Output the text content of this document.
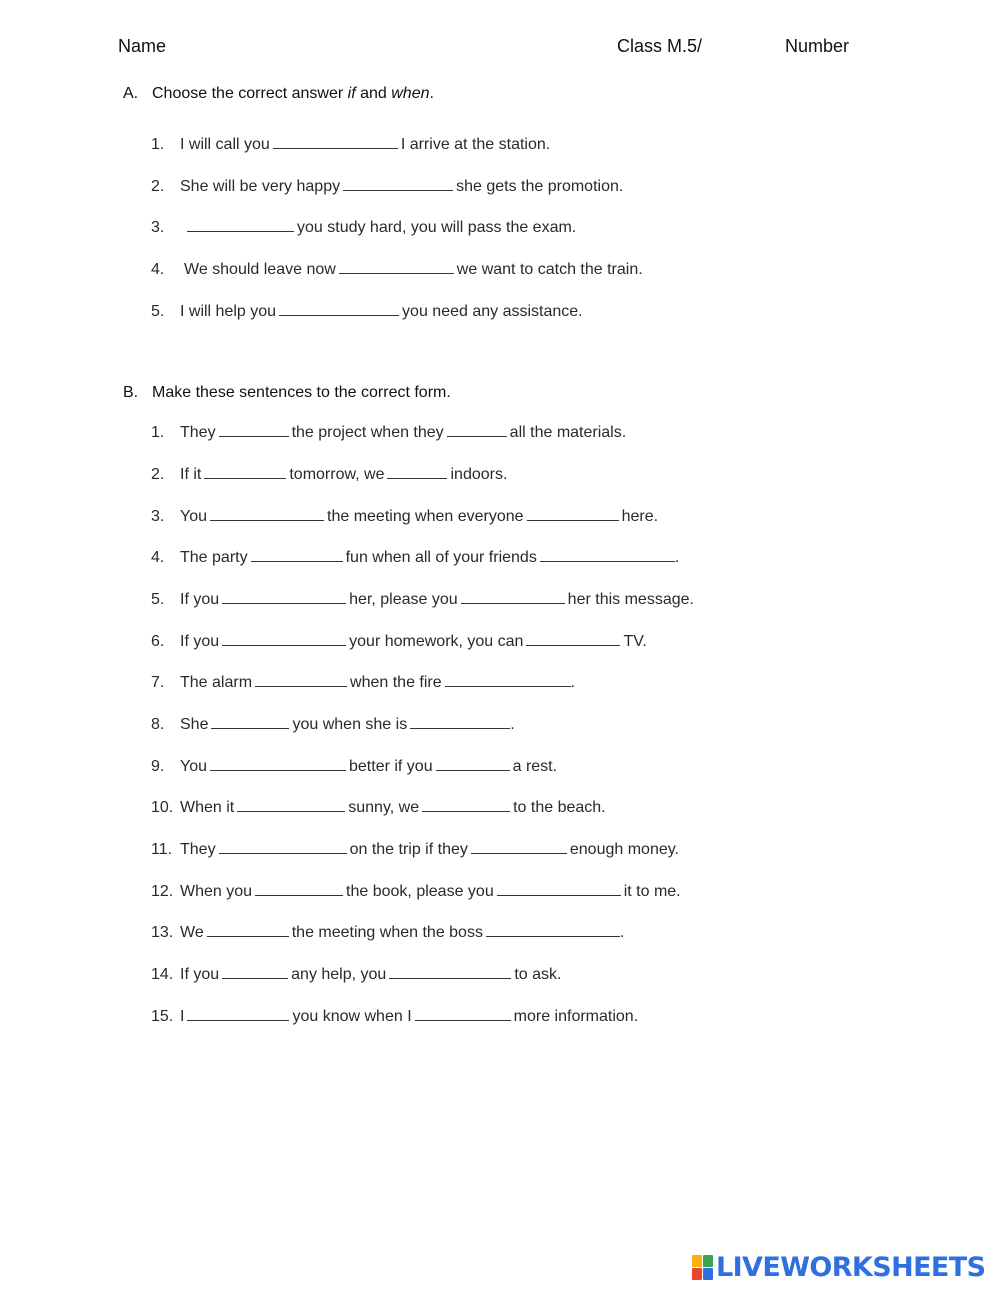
Name	Class M.5/	Number
A. Choose the correct answer if and when.
1. I will call you	I arrive at the station.
2. She will be very happy	she gets the promotion.
3.	you study hard, you will pass the exam.
4. We should leave now	we want to catch the train.
5. I will help you	you need any assistance.
B. Make these sentences to the correct form.
1. They	the project when they	all the materials.
2. If it	tomorrow, we	indoors.
3. You	the meeting when everyone	here.
4. The party	fun when all of your friends	.
5. If you	her, please you	her this message.
6. If you	your homework, you can	TV.
7. The alarm	when the fire	.
8. She	you when she is	.
9. You	better if you	a rest.
10. When it	sunny, we	to the beach.
11. They	on the trip if they	enough money.
12. When you	the book, please you	it to me.
13. We	the meeting when the boss	.
14. If you	any help, you	to ask.
15. I	you know when I	more information.
LIVEWORKSHEETS
